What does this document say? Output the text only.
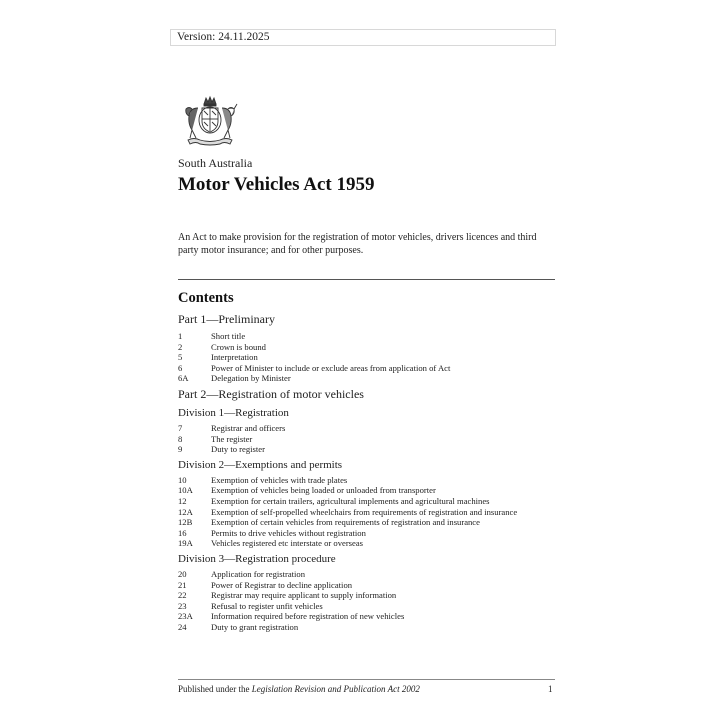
Version: 24.11.2025
South Australia
Motor Vehicles Act 1959

An Act to make provision for the registration of motor vehicles, drivers licences and third party motor insurance; and for other purposes.

Contents
Part 1—Preliminary
1	Short title
2	Crown is bound
5	Interpretation
6	Power of Minister to include or exclude areas from application of Act
6A	Delegation by Minister
Part 2—Registration of motor vehicles
Division 1—Registration
7	Registrar and officers
8	The register
9	Duty to register
Division 2—Exemptions and permits
10	Exemption of vehicles with trade plates
10A	Exemption of vehicles being loaded or unloaded from transporter
12	Exemption for certain trailers, agricultural implements and agricultural machines
12A	Exemption of self-propelled wheelchairs from requirements of registration and insurance
12B	Exemption of certain vehicles from requirements of registration and insurance
16	Permits to drive vehicles without registration
19A	Vehicles registered etc interstate or overseas
Division 3—Registration procedure
20	Application for registration
21	Power of Registrar to decline application
22	Registrar may require applicant to supply information
23	Refusal to register unfit vehicles
23A	Information required before registration of new vehicles
24	Duty to grant registration
Published under the Legislation Revision and Publication Act 2002	1
